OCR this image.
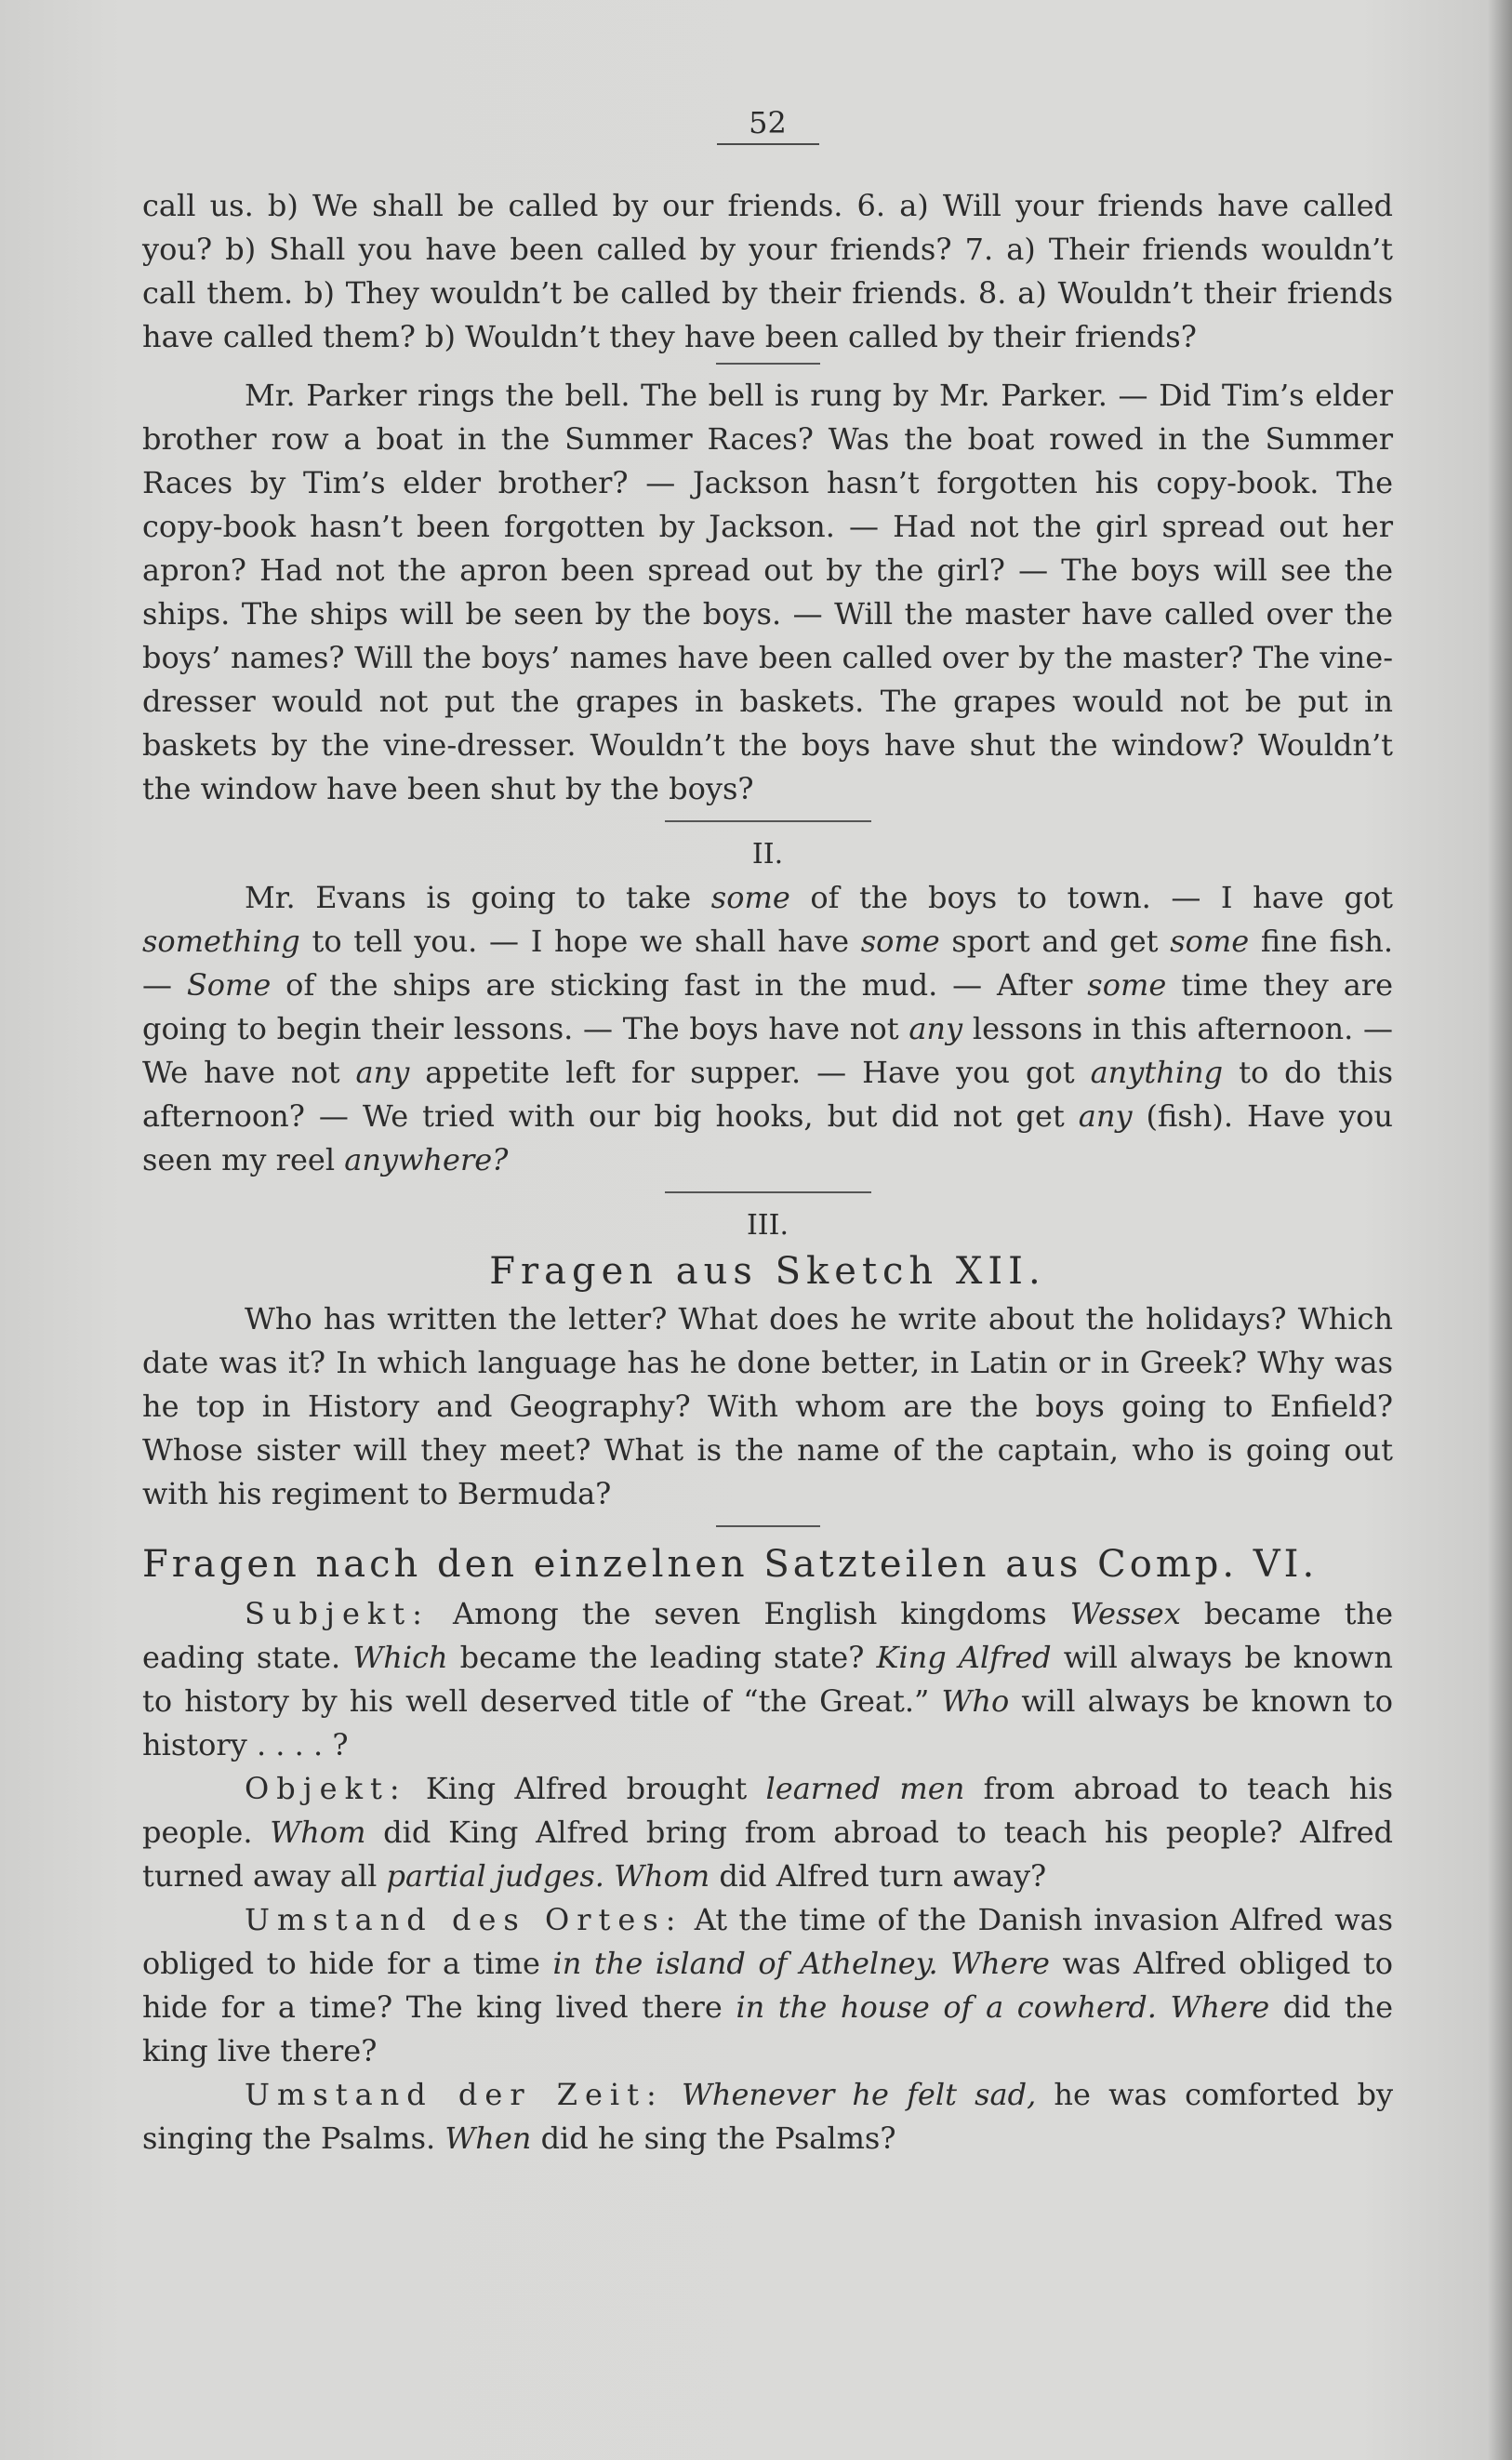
52

call us. b) We shall be called by our friends. 6. a) Will your friends have called you? b) Shall you have been called by your friends? 7. a) Their friends wouldn’t call them. b) They wouldn’t be called by their friends. 8. a) Wouldn’t their friends have called them? b) Wouldn’t they have been called by their friends?

Mr. Parker rings the bell. The bell is rung by Mr. Parker. — Did Tim’s elder brother row a boat in the Summer Races? Was the boat rowed in the Summer Races by Tim’s elder brother? — Jackson hasn’t forgotten his copy-book. The copy-book hasn’t been forgotten by Jackson. — Had not the girl spread out her apron? Had not the apron been spread out by the girl? — The boys will see the ships. The ships will be seen by the boys. — Will the master have called over the boys’ names? Will the boys’ names have been called over by the master? The vine-dresser would not put the grapes in baskets. The grapes would not be put in baskets by the vine-dresser. Wouldn’t the boys have shut the window? Wouldn’t the window have been shut by the boys?

II.

Mr. Evans is going to take some of the boys to town. — I have got something to tell you. — I hope we shall have some sport and get some fine fish. — Some of the ships are sticking fast in the mud. — After some time they are going to begin their lessons. — The boys have not any lessons in this afternoon. — We have not any appetite left for supper. — Have you got anything to do this afternoon? — We tried with our big hooks, but did not get any (fish). Have you seen my reel anywhere?

III.
Fragen aus Sketch XII.

Who has written the letter? What does he write about the holidays? Which date was it? In which language has he done better, in Latin or in Greek? Why was he top in History and Geography? With whom are the boys going to Enfield? Whose sister will they meet? What is the name of the captain, who is going out with his regiment to Bermuda?

Fragen nach den einzelnen Satzteilen aus Comp. VI.

Subjekt: Among the seven English kingdoms Wessex became the eading state. Which became the leading state? King Alfred will always be known to history by his well deserved title of “the Great.” Who will always be known to history . . . . ?

Objekt: King Alfred brought learned men from abroad to teach his people. Whom did King Alfred bring from abroad to teach his people? Alfred turned away all partial judges. Whom did Alfred turn away?

Umstand des Ortes: At the time of the Danish invasion Alfred was obliged to hide for a time in the island of Athelney. Where was Alfred obliged to hide for a time? The king lived there in the house of a cowherd. Where did the king live there?

Umstand der Zeit: Whenever he felt sad, he was comforted by singing the Psalms. When did he sing the Psalms?
